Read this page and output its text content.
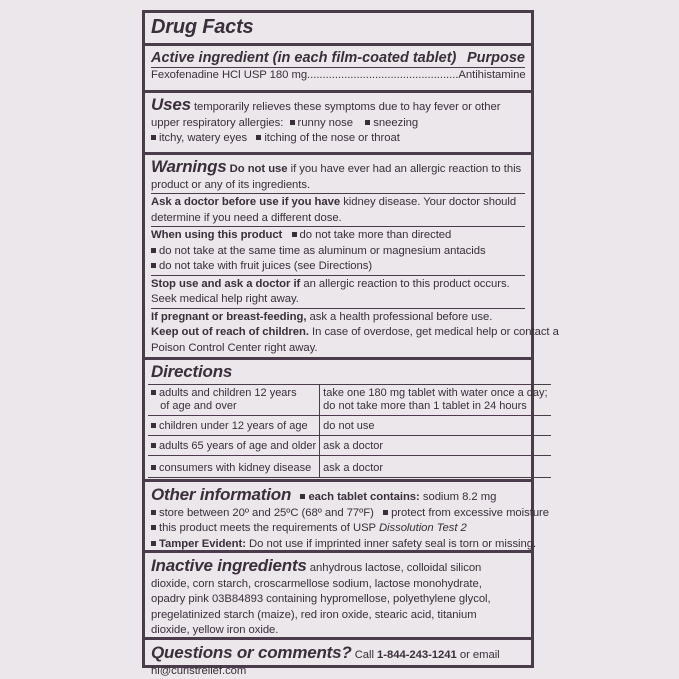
Drug Facts
Active ingredient (in each film-coated tablet) Purpose
Fexofenadine HCl USP 180 mg.................................................Antihistamine
Uses temporarily relieves these symptoms due to hay fever or other
upper respiratory allergies: runny nose sneezing
itchy, watery eyes itching of the nose or throat
Warnings Do not use if you have ever had an allergic reaction to this
product or any of its ingredients.
Ask a doctor before use if you have kidney disease. Your doctor should
determine if you need a different dose.
When using this product do not take more than directed
do not take at the same time as aluminum or magnesium antacids
do not take with fruit juices (see Directions)
Stop use and ask a doctor if an allergic reaction to this product occurs.
Seek medical help right away.
If pregnant or breast-feeding, ask a health professional before use.
Keep out of reach of children. In case of overdose, get medical help or contact a
Poison Control Center right away.
Directions
adults and children 12 years
of age and over	take one 180 mg tablet with water once a day;
do not take more than 1 tablet in 24 hours
children under 12 years of age	do not use
adults 65 years of age and older	ask a doctor
consumers with kidney disease	ask a doctor
Other information each tablet contains: sodium 8.2 mg
store between 20º and 25ºC (68º and 77ºF) protect from excessive moisture
this product meets the requirements of USP Dissolution Test 2
Tamper Evident: Do not use if imprinted inner safety seal is torn or missing.
Inactive ingredients anhydrous lactose, colloidal silicon
dioxide, corn starch, croscarmellose sodium, lactose monohydrate,
opadry pink 03B84893 containing hypromellose, polyethylene glycol,
pregelatinized starch (maize), red iron oxide, stearic acid, titanium
dioxide, yellow iron oxide.
Questions or comments? Call 1-844-243-1241 or email
hi@curistrelief.com
